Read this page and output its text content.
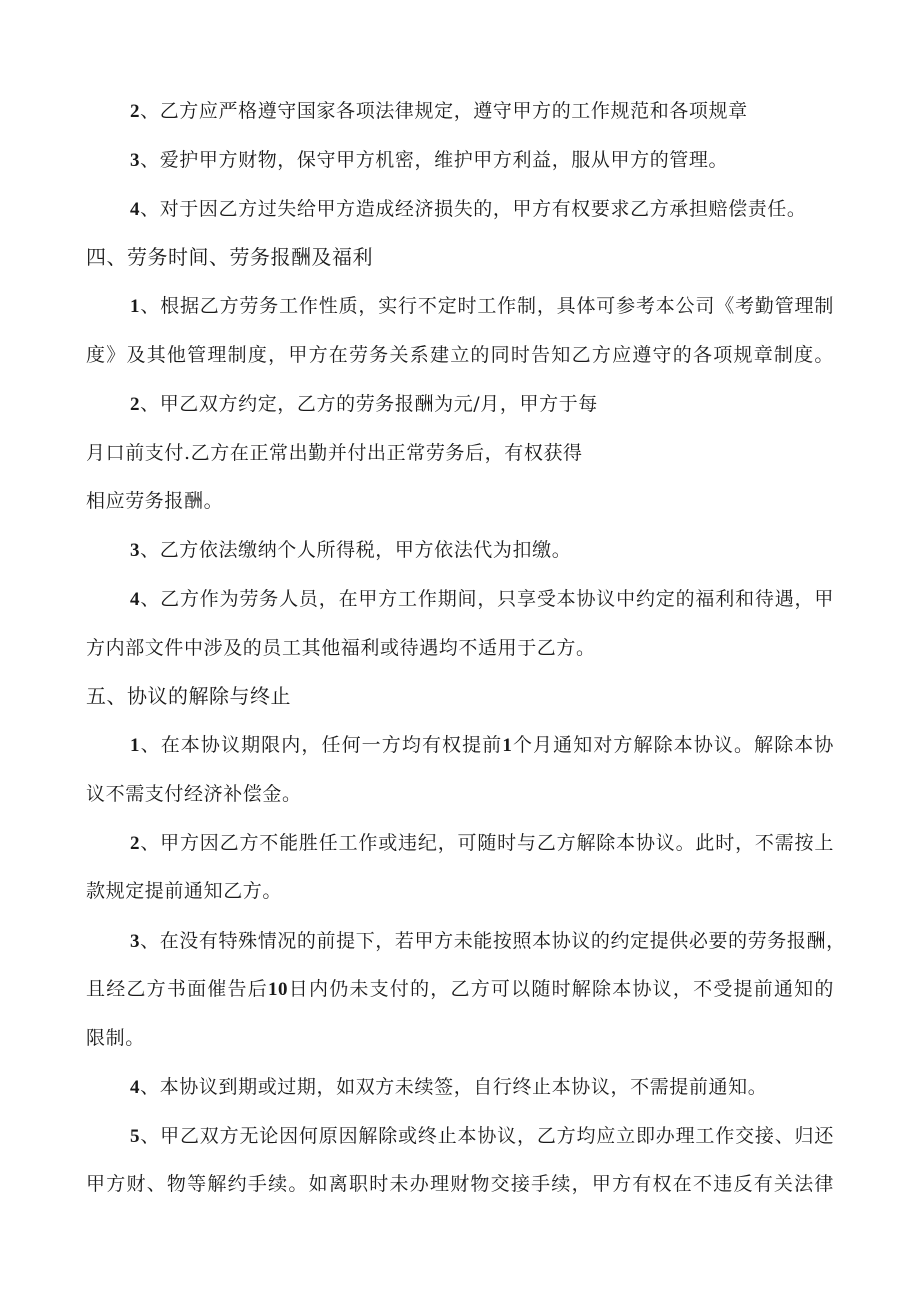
2、乙方应严格遵守国家各项法律规定，遵守甲方的工作规范和各项规章
3、爱护甲方财物，保守甲方机密，维护甲方利益，服从甲方的管理。
4、对于因乙方过失给甲方造成经济损失的，甲方有权要求乙方承担赔偿责任。
四、劳务时间、劳务报酬及福利
1、根据乙方劳务工作性质，实行不定时工作制，具体可参考本公司《考勤管理制
度》及其他管理制度，甲方在劳务关系建立的同时告知乙方应遵守的各项规章制度。
2、甲乙双方约定，乙方的劳务报酬为元/月，甲方于每
月口前支付.乙方在正常出勤并付出正常劳务后，有权获得
相应劳务报酬。
3、乙方依法缴纳个人所得税，甲方依法代为扣缴。
4、乙方作为劳务人员，在甲方工作期间，只享受本协议中约定的福利和待遇，甲
方内部文件中涉及的员工其他福利或待遇均不适用于乙方。
五、协议的解除与终止
1、在本协议期限内，任何一方均有权提前1个月通知对方解除本协议。解除本协
议不需支付经济补偿金。
2、甲方因乙方不能胜任工作或违纪，可随时与乙方解除本协议。此时，不需按上
款规定提前通知乙方。
3、在没有特殊情况的前提下，若甲方未能按照本协议的约定提供必要的劳务报酬，
且经乙方书面催告后10日内仍未支付的，乙方可以随时解除本协议，不受提前通知的
限制。
4、本协议到期或过期，如双方未续签，自行终止本协议，不需提前通知。
5、甲乙双方无论因何原因解除或终止本协议，乙方均应立即办理工作交接、归还
甲方财、物等解约手续。如离职时未办理财物交接手续，甲方有权在不违反有关法律
